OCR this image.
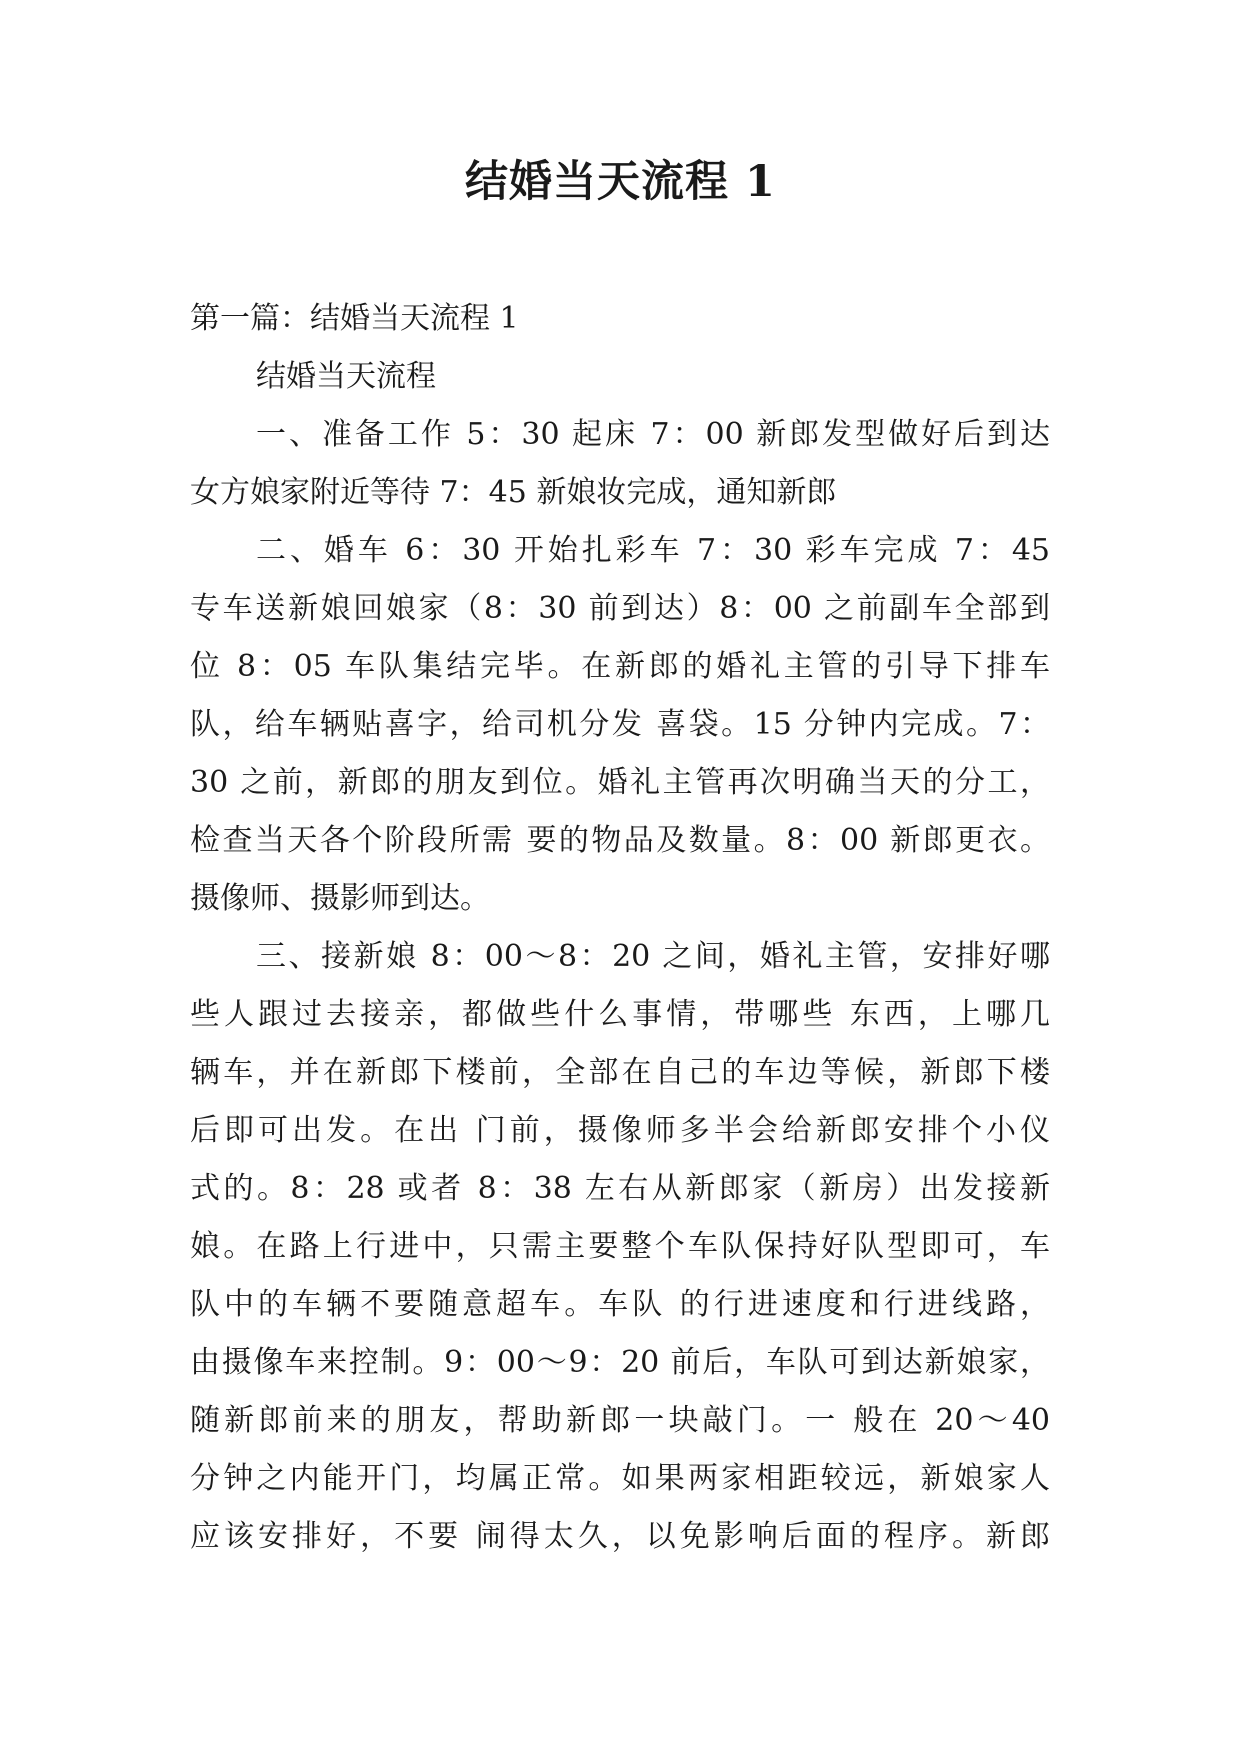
结婚当天流程 1
第一篇：结婚当天流程 1
结婚当天流程
一、准备工作 5：30 起床 7：00 新郎发型做好后到达
女方娘家附近等待 7：45 新娘妆完成，通知新郎
二、婚车 6：30 开始扎彩车 7：30 彩车完成 7：45
专车送新娘回娘家（8：30 前到达）8：00 之前副车全部到
位 8：05 车队集结完毕。在新郎的婚礼主管的引导下排车
队，给车辆贴喜字，给司机分发 喜袋。15 分钟内完成。7：
30 之前，新郎的朋友到位。婚礼主管再次明确当天的分工，
检查当天各个阶段所需 要的物品及数量。8：00 新郎更衣。
摄像师、摄影师到达。
三、接新娘 8：00～8：20 之间，婚礼主管，安排好哪
些人跟过去接亲，都做些什么事情，带哪些 东西，上哪几
辆车，并在新郎下楼前，全部在自己的车边等候，新郎下楼
后即可出发。在出 门前，摄像师多半会给新郎安排个小仪
式的。8：28 或者 8：38 左右从新郎家（新房）出发接新
娘。在路上行进中，只需主要整个车队保持好队型即可，车
队中的车辆不要随意超车。车队 的行进速度和行进线路，
由摄像车来控制。9：00～9：20 前后，车队可到达新娘家，
随新郎前来的朋友，帮助新郎一块敲门。一 般在 20～40
分钟之内能开门，均属正常。如果两家相距较远，新娘家人
应该安排好，不要 闹得太久，以免影响后面的程序。新郎
